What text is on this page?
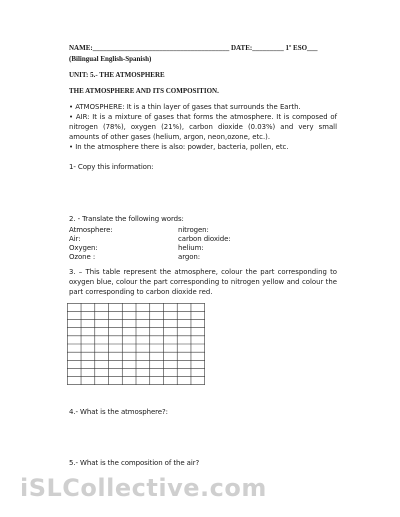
NAME:_______________________________________ DATE:_________ 1º ESO___
(Bilingual English-Spanish)
UNIT: 5.- THE ATMOSPHERE
THE ATMOSPHERE AND ITS COMPOSITION.
• ATMOSPHERE: It is a thin layer of gases that surrounds the Earth.
• AIR: It is a mixture of gases that forms the atmosphere. It is composed of nitrogen (78%), oxygen (21%), carbon dioxide (0.03%) and very small amounts of other gases (helium, argon, neon,ozone, etc.).
• In the atmosphere there is also: powder, bacteria, pollen, etc.
1- Copy this information:
2. - Translate the following words:
Atmosphere:
Air:
Oxygen:
Ozone :
nitrogen:
carbon dioxide:
helium:
argon:
3. – This table represent the atmosphere, colour the part corresponding to oxygen blue, colour the part corresponding to nitrogen yellow and colour the part corresponding to carbon dioxide red.
4.- What is the atmosphere?:
5.- What is the composition of the air?
iSLCollective.com
